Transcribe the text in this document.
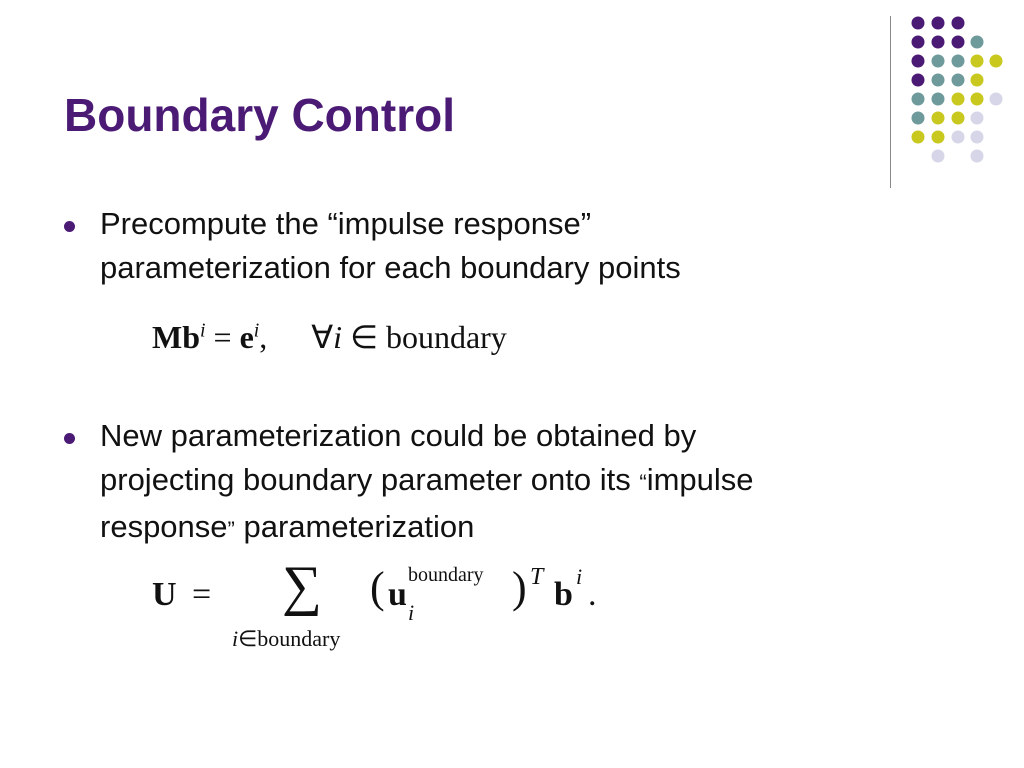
Boundary Control
Precompute the “impulse response”
parameterization for each boundary points
$Mb^i = e^i$, ∀i ∈ boundary
New parameterization could be obtained by
projecting boundary parameter onto its “impulse
response” parameterization
U = ∑
i∈boundary
( u
boundary
i
) T b i .
